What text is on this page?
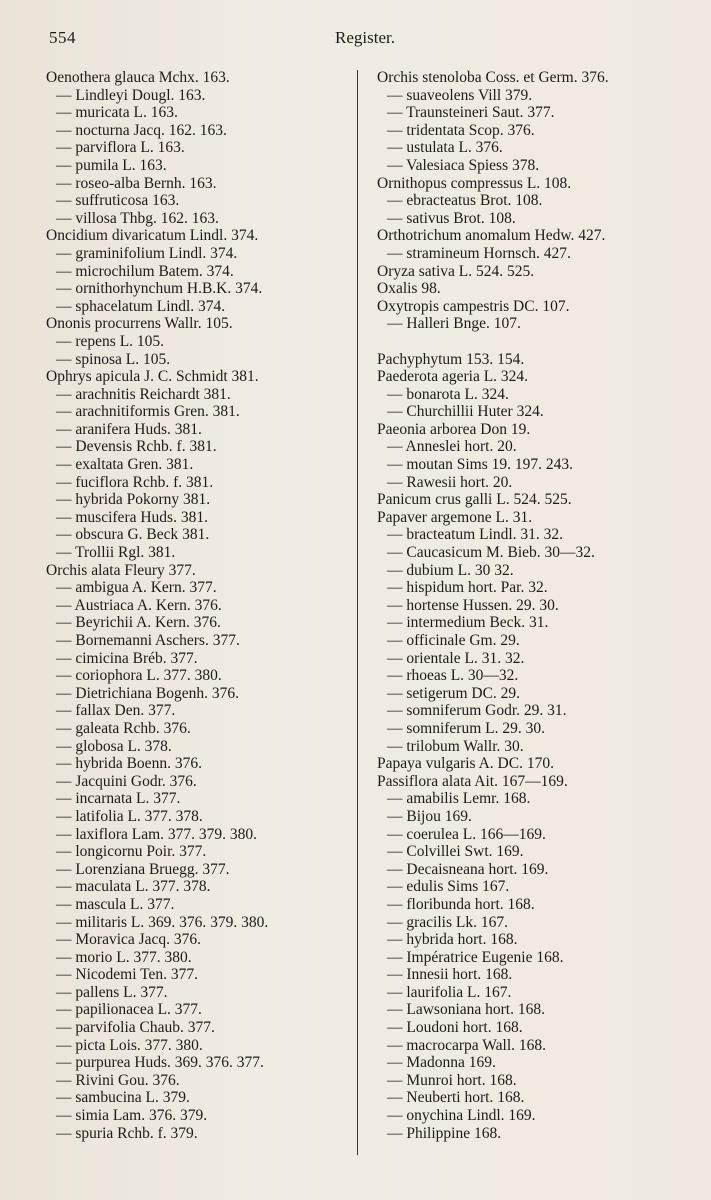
554	Register.
Oenothera glauca Mchx. 163.
— Lindleyi Dougl. 163.
— muricata L. 163.
— nocturna Jacq. 162. 163.
— parviflora L. 163.
— pumila L. 163.
— roseo-alba Bernh. 163.
— suffruticosa 163.
— villosa Thbg. 162. 163.
Oncidium divaricatum Lindl. 374.
— graminifolium Lindl. 374.
— microchilum Batem. 374.
— ornithorhynchum H.B.K. 374.
— sphacelatum Lindl. 374.
Ononis procurrens Wallr. 105.
— repens L. 105.
— spinosa L. 105.
Ophrys apicula J. C. Schmidt 381.
— arachnitis Reichardt 381.
— arachnitiformis Gren. 381.
— aranifera Huds. 381.
— Devensis Rchb. f. 381.
— exaltata Gren. 381.
— fuciflora Rchb. f. 381.
— hybrida Pokorny 381.
— muscifera Huds. 381.
— obscura G. Beck 381.
— Trollii Rgl. 381.
Orchis alata Fleury 377.
— ambigua A. Kern. 377.
— Austriaca A. Kern. 376.
— Beyrichii A. Kern. 376.
— Bornemanni Aschers. 377.
— cimicina Bréb. 377.
— coriophora L. 377. 380.
— Dietrichiana Bogenh. 376.
— fallax Den. 377.
— galeata Rchb. 376.
— globosa L. 378.
— hybrida Boenn. 376.
— Jacquini Godr. 376.
— incarnata L. 377.
— latifolia L. 377. 378.
— laxiflora Lam. 377. 379. 380.
— longicornu Poir. 377.
— Lorenziana Bruegg. 377.
— maculata L. 377. 378.
— mascula L. 377.
— militaris L. 369. 376. 379. 380.
— Moravica Jacq. 376.
— morio L. 377. 380.
— Nicodemi Ten. 377.
— pallens L. 377.
— papilionacea L. 377.
— parvifolia Chaub. 377.
— picta Lois. 377. 380.
— purpurea Huds. 369. 376. 377.
— Rivini Gou. 376.
— sambucina L. 379.
— simia Lam. 376. 379.
— spuria Rchb. f. 379.
Orchis stenoloba Coss. et Germ. 376.
— suaveolens Vill 379.
— Traunsteineri Saut. 377.
— tridentata Scop. 376.
— ustulata L. 376.
— Valesiaca Spiess 378.
Ornithopus compressus L. 108.
— ebracteatus Brot. 108.
— sativus Brot. 108.
Orthotrichum anomalum Hedw. 427.
— stramineum Hornsch. 427.
Oryza sativa L. 524. 525.
Oxalis 98.
Oxytropis campestris DC. 107.
— Halleri Bnge. 107.
Pachyphytum 153. 154.
Paederota ageria L. 324.
— bonarota L. 324.
— Churchillii Huter 324.
Paeonia arborea Don 19.
— Anneslei hort. 20.
— moutan Sims 19. 197. 243.
— Rawesii hort. 20.
Panicum crus galli L. 524. 525.
Papaver argemone L. 31.
— bracteatum Lindl. 31. 32.
— Caucasicum M. Bieb. 30—32.
— dubium L. 30 32.
— hispidum hort. Par. 32.
— hortense Hussen. 29. 30.
— intermedium Beck. 31.
— officinale Gm. 29.
— orientale L. 31. 32.
— rhoeas L. 30—32.
— setigerum DC. 29.
— somniferum Godr. 29. 31.
— somniferum L. 29. 30.
— trilobum Wallr. 30.
Papaya vulgaris A. DC. 170.
Passiflora alata Ait. 167—169.
— amabilis Lemr. 168.
— Bijou 169.
— coerulea L. 166—169.
— Colvillei Swt. 169.
— Decaisneana hort. 169.
— edulis Sims 167.
— floribunda hort. 168.
— gracilis Lk. 167.
— hybrida hort. 168.
— Impératrice Eugenie 168.
— Innesii hort. 168.
— laurifolia L. 167.
— Lawsoniana hort. 168.
— Loudoni hort. 168.
— macrocarpa Wall. 168.
— Madonna 169.
— Munroi hort. 168.
— Neuberti hort. 168.
— onychina Lindl. 169.
— Philippine 168.
